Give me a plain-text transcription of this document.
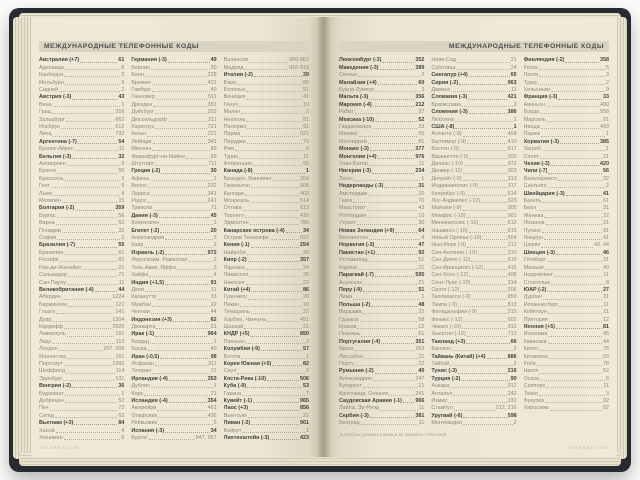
МЕЖДУНАРОДНЫЕ ТЕЛЕФОННЫЕ КОДЫ
Австралия (+7)	61
Аделаида	8
Канберра	2
Мельбурн	3
Сидней	2
Австрия (-3)	43
Вена	1
Грац	316
Зальцбург	662
Инсбрук	512
Линц	732
Аргентина (-7)	54
Буэнос-Айрес	11
Бельгия (-3)	32
Антверпен	3
Брюгге	50
Брюссель	2
Гент	9
Льеж	4
Мехелен	15
Болгария (-2)	359
Бургас	56
Варна	52
Пловдив	32
София	2
Бразилия (-7)	55
Бразилиа	61
Ресифи	81
Рио-де-Жанейро	21
Сальвадор	71
Сан-Паулу	11
Великобритания (-4)	44
Абердин	1224
Бирмингем	121
Глазго	141
Дувр	1304
Кардифф	2920
Ливерпуль	151
Лидс	113
Лондон	207, 208
Манчестер	161
Портсмут	2392
Шеффилд	114
Эдинбург	131
Венгрия (-2)	36
Будапешт	1
Дебрецен	52
Печ	72
Сегед	62
Вьетнам (+3)	84
Ханой	4
Хошимин	8
Германия (-3)	49
Берлин	30
Бонн	228
Бремен	421
Гамбург	40
Ганновер	511
Дрезден	351
Дуйсбург	203
Дюссельдорф	211
Карлсруэ	721
Кельн	221
Лейпциг	341
Мюнхен	89
Франкфурт-на-Майне	69
Штутгарт	711
Греция (-2)	30
Афины	1
Волос	232
Лариса	341
Родос	241
Триполи	71
Дания (-3)	45
Копенгаген	1
Египет (-2)	20
Александрия	3
Каир	2
Израиль (-2)	972
Иерусалим, Рамаллах	2
Тель-Авив, Яффа	3
Хайфа	4
Индия (+1,5)	91
Дели	11
Калькутта	33
Мумбаи	22
Ченнаи	44
Индонезия (+3)	62
Джакарта	21
Ирак (-1)	964
Багдад	1
Басра	40
Иран (-0,5)	98
Исфахан	311
Тегеран	21
Ирландия (-4)	353
Дублин	1
Корк	21
Исландия (-4)	354
Акюрейри	461
Олафсвик	436
Рейкьявик	5
Испания (-3)	34
Бургос	947, 967
Валенсия	960-963
Мадрид	910-919
Италия (-2)	39
Бари	80
Болонья	51
Венеция	41
Генуя	10
Милан	2
Неаполь	81
Палермо	91
Парма	521
Перуджа	75
Рим	6
Турин	11
Флоренция	55
Канада (-8)	1
Брандон, Виннипег	204
Гамильтон	905
Калгари	403
Монреаль	514
Оттава	613
Торонто	416
Эдмонтон	780
Канарские острова (-4)	34
Остров Тенерифе	922
Кения (-1)	254
Найроби	20
Кипр (-2)	357
Ларнака	24
Лимассол	25
Никосия	22
Китай (+4)	86
Гуанчжоу	20
Пекин	10
Тяньцзинь	22
Харбин, Чанчунь	451
Шанхай	21
КНДР (+5)	850
Пхеньян	2
Колумбия (-9)	57
Богота	1
Корея Южная (+5)	82
Сеул	2
Коста-Рика (-10)	506
Куба (-9)	53
Гавана	7
Кувейт (-1)	965
Лаос (+3)	856
Вьентьян	21
Ливан (-2)	961
Бейрут	1
Лихтенштейн (-3)	423
INFORMATION
МЕЖДУНАРОДНЫЕ ТЕЛЕФОННЫЕ КОДЫ
Люксембург (-3)	352
Македония (-3)	389
Скопье	2
Малайзия (+4)	60
Куала-Лумпур	3
Мальта (-3)	356
Марокко (-4)	212
Рабат	37
Мексика (-10)	52
Гвадалахара	33
Мехико	55
Монтеррей	81
Монако (-3)	377
Монголия (+4)	976
Улан-Батор	11
Нигерия (-3)	234
Лагос	1
Нидерланды (-3)	31
Амстердам	20
Гаага	70
Маастрихт	43
Роттердам	10
Утрехт	30
Новая Зеландия (+9)	64
Веллингтон	4
Норвегия (-3)	47
Пакистан (+1)	92
Исламабад	51
Карачи	21
Парагвай (-7)	595
Асунсьон	21
Перу (-9)	51
Лима	1
Польша (-2)	48
Варшава	22
Гданьск	58
Краков	12
Познань	61
Португалия (-4)	351
Брага	253
Лиссабон	21
Порту	22
Румыния (-2)	40
Александрия	247
Бухарест	21
Констанца, Онешти	241
Саудовская Аравия (-1) 966
Лайла, Эр-Рияд	11
Сербия (-3)	381
Белград	11
Нови-Сад	21
Суботица	24
Сингапур (+4)	65
Сирия (-2)	963
Дамаск	11
Словакия (-3)	421
Братислава	2
Словения (-3)	386
Любляна	1
США (-8)	1
Атланта (-9)	404
Балтимор (-9)	410
Бостон (-9)	617
Вашингтон (-9)	202
Даллас (-10)	972
Денвер (-11)	303
Детройт (-9)	313
Индианаполис (-9)	317
Колумбус (-9)	614
Лос-Анджелес (-12)	323
Майами (-9)	305
Мемфис (-10)	901
Миннеаполис (-10)	612
Нашвилл (-10)	615
Новый Орлеан (-10)	504
Нью-Йорк (-9)	212
Сан-Антонио (-10)	210
Сан-Диего (-12)	619
Сан-Франциско (-12)	415
Сан-Хосе (-12)	408
Сент-Луис (-10)	314
Сиэтл (-12)	206
Таллахасси (-9)	850
Тампа (-9)	813
Филадельфия (-9)	215
Феникс (-12)	602
Чикаго (-10)	312
Хьюстон (-10)	713
Таиланд (+3)	66
Бангкок	2
Тайвань (Китай) (+4)	886
Тайбэй	2
Тунис (-3)	216
Турция (-2)	90
Анкара	312
Анталья	242
Измир	232
Стамбул	212, 216
Уругвай (-6)	598
Монтевидео	2
Финляндия (-2)	358
Котка	5
Лахти	3
Турку	2
Хельсинки	9
Франция (-3)	33
Авиньон	490
Бордо	558
Марсель	91
Ницца	493
Париж	1
Хорватия (-3)	385
Загреб	1
Сплит	21
Чехия (-3)	420
Чили (-7)	56
Вальпараисо	32
Сантьяго	2
Швейцария (-3)	41
Базель	61
Берн	31
Женева	22
Лозанна	21
Лугано	91
Люцерн	41
Цюрих	43, 44
Швеция (-3)	46
Гётеборг	31
Мальмё	40
Норрчёпинг	11
Стокгольм	8
ЮАР (-2)	27
Дурбан	31
Йоханнесбург	11
Кейптаун	21
Претория	12
Япония (+5)	81
Иокогама	45
Кавасаки	44
Киото	75
Китакюсю	93
Кобе	78
Нагоя	52
Осака	6
Саппоро	11
Токио	3
Фукуока	92
Хиросима	82
В скобках указана разница во времени с Москвой
INFORMATION
